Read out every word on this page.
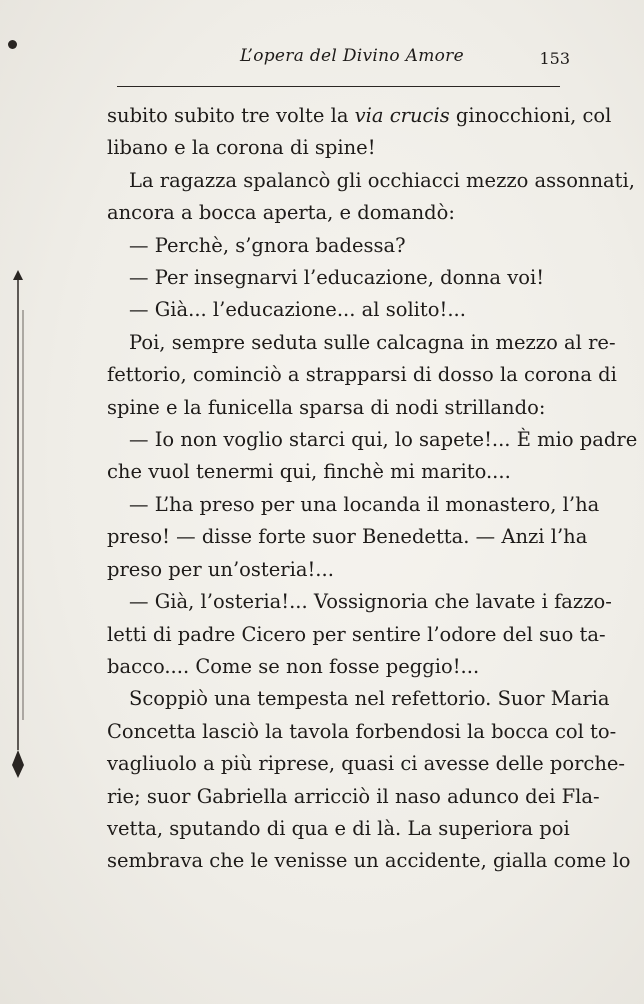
L’opera del Divino Amore	153
subito subito tre volte la via crucis ginocchioni, col
libano e la corona di spine!
La ragazza spalancò gli occhiacci mezzo assonnati,
ancora a bocca aperta, e domandò:
— Perchè, s’gnora badessa?
— Per insegnarvi l’educazione, donna voi!
— Già... l’educazione... al solito!...
Poi, sempre seduta sulle calcagna in mezzo al re-
fettorio, cominciò a strapparsi di dosso la corona di
spine e la funicella sparsa di nodi strillando:
— Io non voglio starci qui, lo sapete!... È mio padre
che vuol tenermi qui, finchè mi marito....
— L’ha preso per una locanda il monastero, l’ha
preso! — disse forte suor Benedetta. — Anzi l’ha
preso per un’osteria!...
— Già, l’osteria!... Vossignoria che lavate i fazzo-
letti di padre Cicero per sentire l’odore del suo ta-
bacco.... Come se non fosse peggio!...
Scoppiò una tempesta nel refettorio. Suor Maria
Concetta lasciò la tavola forbendosi la bocca col to-
vagliuolo a più riprese, quasi ci avesse delle porche-
rie; suor Gabriella arricciò il naso adunco dei Fla-
vetta, sputando di qua e di là. La superiora poi
sembrava che le venisse un accidente, gialla come lo
